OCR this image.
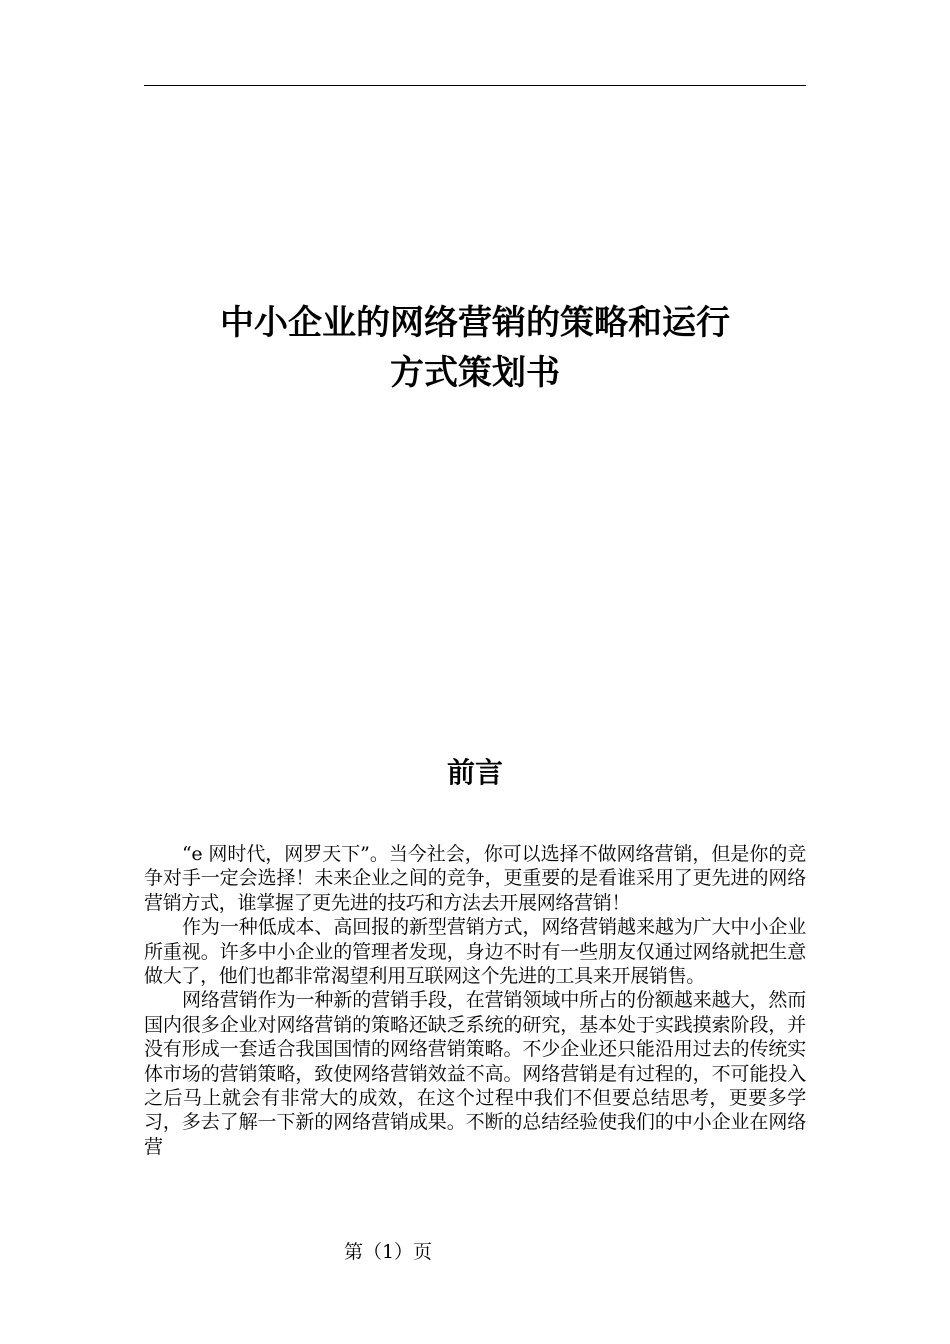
中小企业的网络营销的策略和运行
方式策划书
前言

“e 网时代，网罗天下”。当今社会，你可以选择不做网络营销，但是你的竞争对手一定会选择！未来企业之间的竞争，更重要的是看谁采用了更先进的网络营销方式，谁掌握了更先进的技巧和方法去开展网络营销！

作为一种低成本、高回报的新型营销方式，网络营销越来越为广大中小企业所重视。许多中小企业的管理者发现，身边不时有一些朋友仅通过网络就把生意做大了，他们也都非常渴望利用互联网这个先进的工具来开展销售。

网络营销作为一种新的营销手段，在营销领域中所占的份额越来越大，然而国内很多企业对网络营销的策略还缺乏系统的研究，基本处于实践摸索阶段，并没有形成一套适合我国国情的网络营销策略。不少企业还只能沿用过去的传统实体市场的营销策略，致使网络营销效益不高。网络营销是有过程的，不可能投入之后马上就会有非常大的成效，在这个过程中我们不但要总结思考，更要多学习，多去了解一下新的网络营销成果。不断的总结经验使我们的中小企业在网络营

第（1）页
